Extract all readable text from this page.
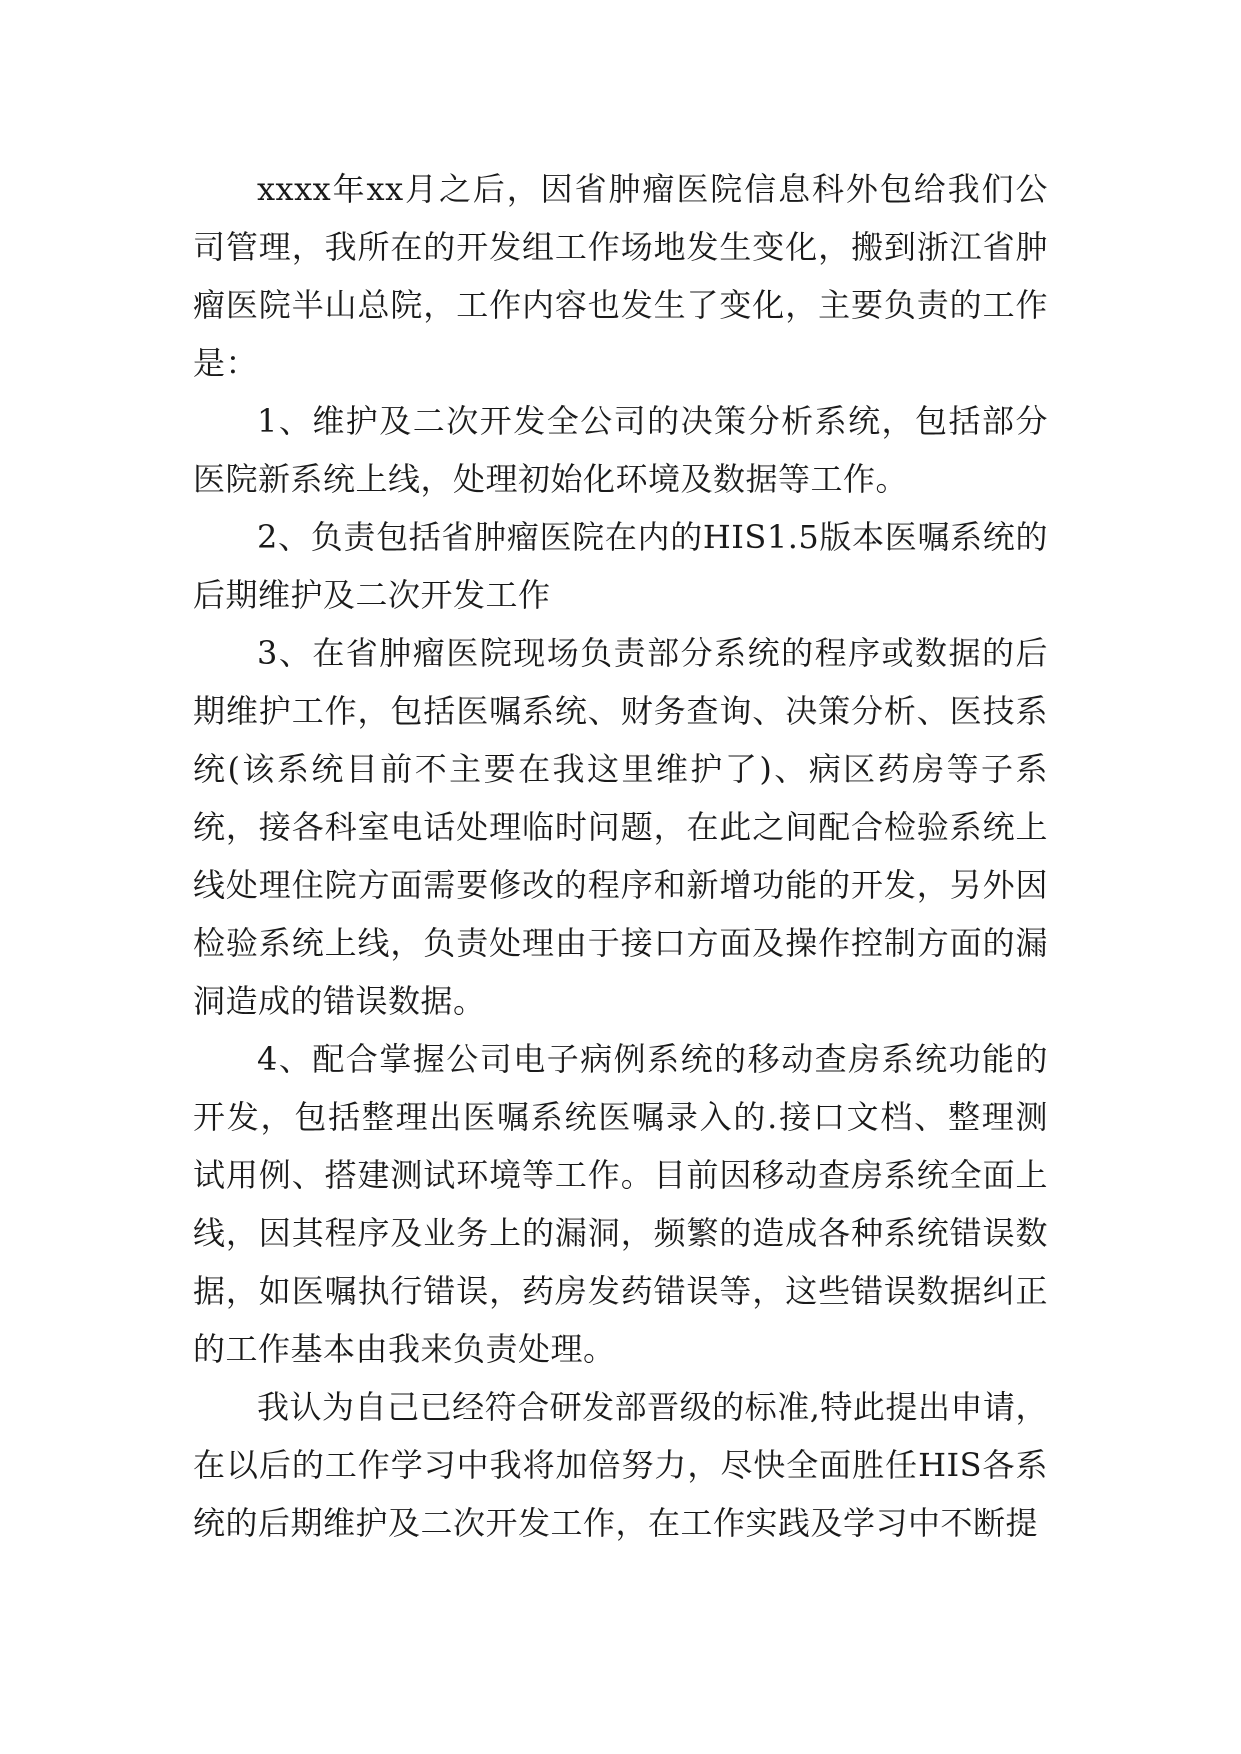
xxxx年xx月之后，因省肿瘤医院信息科外包给我们公司管理，我所在的开发组工作场地发生变化，搬到浙江省肿瘤医院半山总院，工作内容也发生了变化，主要负责的工作是：

1、维护及二次开发全公司的决策分析系统，包括部分医院新系统上线，处理初始化环境及数据等工作。

2、负责包括省肿瘤医院在内的HIS1.5版本医嘱系统的后期维护及二次开发工作

3、在省肿瘤医院现场负责部分系统的程序或数据的后期维护工作，包括医嘱系统、财务查询、决策分析、医技系统(该系统目前不主要在我这里维护了)、病区药房等子系统，接各科室电话处理临时问题，在此之间配合检验系统上线处理住院方面需要修改的程序和新增功能的开发，另外因检验系统上线，负责处理由于接口方面及操作控制方面的漏洞造成的错误数据。

4、配合掌握公司电子病例系统的移动查房系统功能的开发，包括整理出医嘱系统医嘱录入的.接口文档、整理测试用例、搭建测试环境等工作。目前因移动查房系统全面上线，因其程序及业务上的漏洞，频繁的造成各种系统错误数据，如医嘱执行错误，药房发药错误等，这些错误数据纠正的工作基本由我来负责处理。

我认为自己已经符合研发部晋级的标准,特此提出申请，在以后的工作学习中我将加倍努力，尽快全面胜任HIS各系统的后期维护及二次开发工作，在工作实践及学习中不断提
